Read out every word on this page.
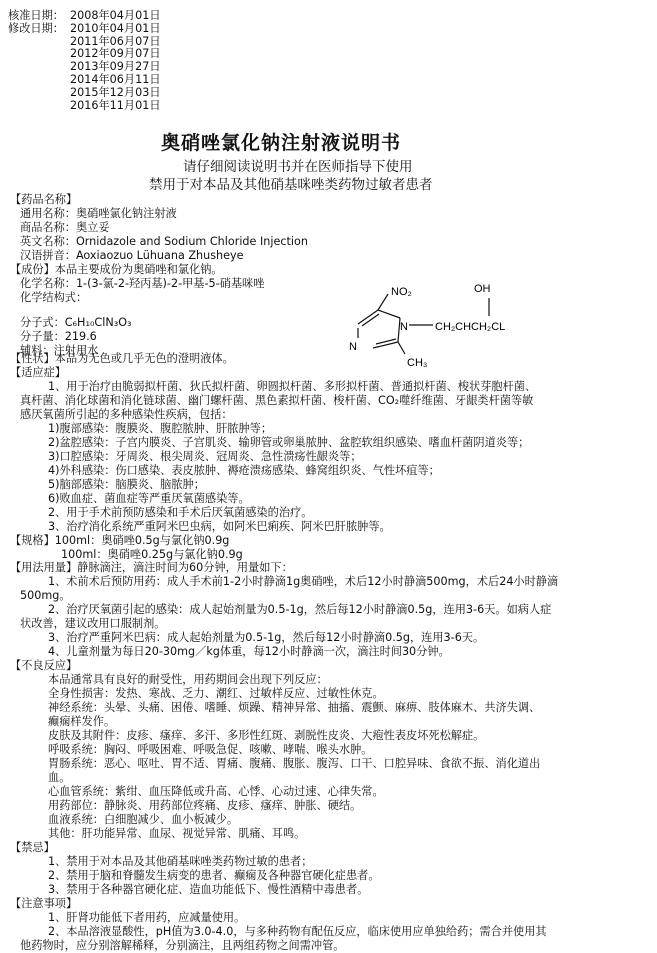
核准日期： 2008年04月01日
修改日期： 2010年04月01日
2011年06月07日
2012年09月07日
2013年09月27日
2014年06月11日
2015年12月03日
2016年11月01日
奥硝唑氯化钠注射液说明书
请仔细阅读说明书并在医师指导下使用
禁用于对本品及其他硝基咪唑类药物过敏者患者
【药品名称】
通用名称：奥硝唑氯化钠注射液
商品名称：奥立妥
英文名称：Ornidazole and Sodium Chloride Injection
汉语拼音：Aoxiaozuo Lühuana Zhusheye
【成份】本品主要成份为奥硝唑和氯化钠。
化学名称：1-(3-氯-2-羟丙基)-2-甲基-5-硝基咪唑
化学结构式：
分子式：C₆H₁₀ClN₃O₃
分子量：219.6
辅料：注射用水
NO₂	OH
N
N
CH₂CHCH₂CL
CH₃
【性状】本品为无色或几乎无色的澄明液体。
【适应症】
1、用于治疗由脆弱拟杆菌、狄氏拟杆菌、卵圆拟杆菌、多形拟杆菌、普通拟杆菌、梭状芽胞杆菌、
真杆菌、消化球菌和消化链球菌、幽门螺杆菌、黑色素拟杆菌、梭杆菌、CO₂噬纤维菌、牙龈类杆菌等敏
感厌氧菌所引起的多种感染性疾病，包括：
1)腹部感染：腹膜炎、腹腔脓肿、肝脓肿等；
2)盆腔感染：子宫内膜炎、子宫肌炎、输卵管或卵巢脓肿、盆腔软组织感染、嗜血杆菌阴道炎等；
3)口腔感染：牙周炎、根尖周炎、冠周炎、急性溃疡性龈炎等；
4)外科感染：伤口感染、表皮脓肿、褥疮溃疡感染、蜂窝组织炎、气性坏疽等；
5)脑部感染：脑膜炎、脑脓肿；
6)败血症、菌血症等严重厌氧菌感染等。
2、用于手术前预防感染和手术后厌氧菌感染的治疗。
3、治疗消化系统严重阿米巴虫病，如阿米巴痢疾、阿米巴肝脓肿等。
【规格】100ml：奥硝唑0.5g与氯化钠0.9g
100ml：奥硝唑0.25g与氯化钠0.9g
【用法用量】静脉滴注，滴注时间为60分钟，用量如下：
1、术前术后预防用药：成人手术前1-2小时静滴1g奥硝唑，术后12小时静滴500mg，术后24小时静滴
500mg。
2、治疗厌氧菌引起的感染：成人起始剂量为0.5-1g，然后每12小时静滴0.5g，连用3-6天。如病人症
状改善，建议改用口服制剂。
3、治疗严重阿米巴病：成人起始剂量为0.5-1g，然后每12小时静滴0.5g，连用3-6天。
4、儿童剂量为每日20-30mg／kg体重，每12小时静滴一次，滴注时间30分钟。
【不良反应】
本品通常具有良好的耐受性，用药期间会出现下列反应：
全身性损害：发热、寒战、乏力、潮红、过敏样反应、过敏性休克。
神经系统：头晕、头痛、困倦、嗜睡、烦躁、精神异常、抽搐、震颤、麻痹、肢体麻木、共济失调、
癫痫样发作。
皮肤及其附件：皮疹、瘙痒、多汗、多形性红斑、剥脱性皮炎、大疱性表皮坏死松解症。
呼吸系统：胸闷、呼吸困难、呼吸急促、咳嗽、哮喘、喉头水肿。
胃肠系统：恶心、呕吐、胃不适、胃痛、腹痛、腹胀、腹泻、口干、口腔异味、食欲不振、消化道出
血。
心血管系统：紫绀、血压降低或升高、心悸、心动过速、心律失常。
用药部位：静脉炎、用药部位疼痛、皮疹、瘙痒、肿胀、硬结。
血液系统：白细胞减少、血小板减少。
其他：肝功能异常、血尿、视觉异常、肌痛、耳鸣。
【禁忌】
1、禁用于对本品及其他硝基咪唑类药物过敏的患者；
2、禁用于脑和脊髓发生病变的患者、癫痫及各种器官硬化症患者。
3、禁用于各种器官硬化症、造血功能低下、慢性酒精中毒患者。
【注意事项】
1、肝肾功能低下者用药，应减量使用。
2、本品溶液显酸性，pH值为3.0-4.0，与多种药物有配伍反应，临床使用应单独给药；需合并使用其
他药物时，应分别溶解稀释，分别滴注，且两组药物之间需冲管。
